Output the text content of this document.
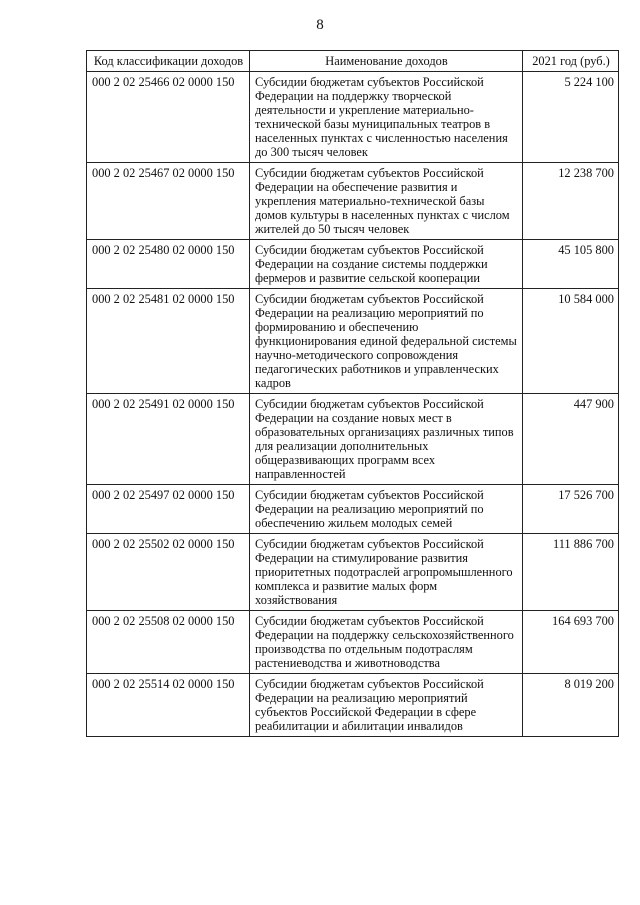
8
Код классификации доходов	Наименование доходов	2021 год (руб.)
000 2 02 25466 02 0000 150	Субсидии бюджетам субъектов Российской Федерации на поддержку творческой деятельности и укрепление материально-технической базы муниципальных театров в населенных пунктах с численностью населения до 300 тысяч человек	5 224 100
000 2 02 25467 02 0000 150	Субсидии бюджетам субъектов Российской Федерации на обеспечение развития и укрепления материально-технической базы домов культуры в населенных пунктах с числом жителей до 50 тысяч человек	12 238 700
000 2 02 25480 02 0000 150	Субсидии бюджетам субъектов Российской Федерации на создание системы поддержки фермеров и развитие сельской кооперации	45 105 800
000 2 02 25481 02 0000 150	Субсидии бюджетам субъектов Российской Федерации на реализацию мероприятий по формированию и обеспечению функционирования единой федеральной системы научно-методического сопровождения педагогических работников и управленческих кадров	10 584 000
000 2 02 25491 02 0000 150	Субсидии бюджетам субъектов Российской Федерации на создание новых мест в образовательных организациях различных типов для реализации дополнительных общеразвивающих программ всех направленностей	447 900
000 2 02 25497 02 0000 150	Субсидии бюджетам субъектов Российской Федерации на реализацию мероприятий по обеспечению жильем молодых семей	17 526 700
000 2 02 25502 02 0000 150	Субсидии бюджетам субъектов Российской Федерации на стимулирование развития приоритетных подотраслей агропромышленного комплекса и развитие малых форм хозяйствования	111 886 700
000 2 02 25508 02 0000 150	Субсидии бюджетам субъектов Российской Федерации на поддержку сельскохозяйственного производства по отдельным подотраслям растениеводства и животноводства	164 693 700
000 2 02 25514 02 0000 150	Субсидии бюджетам субъектов Российской Федерации на реализацию мероприятий субъектов Российской Федерации в сфере реабилитации и абилитации инвалидов	8 019 200
